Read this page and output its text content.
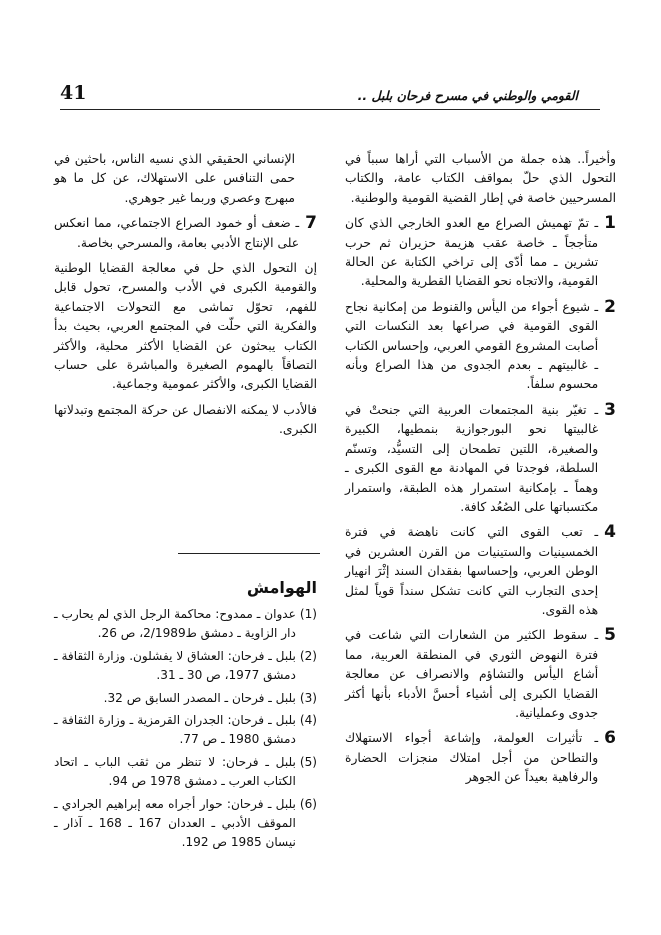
القومي والوطني في مسرح فرحان بلبل ..
41

وأخيراً.. هذه جملة من الأسباب التي أراها سبباً في التحول الذي حلّ بمواقف الكتاب عامة، والكتاب المسرحيين خاصة في إطار القضية القومية والوطنية.

1
ـ تمّ تهميش الصراع مع العدو الخارجي الذي كان متأججاً ـ خاصة عقب هزيمة حزيران ثم حرب تشرين ـ مما أدّى إلى تراخي الكتابة عن الحالة القومية، والاتجاه نحو القضايا القطرية والمحلية.
2
ـ شيوع أجواء من اليأس والقنوط من إمكانية نجاح القوى القومية في صراعها بعد النكسات التي أصابت المشروع القومي العربي، وإحساس الكتاب ـ غالبيتهم ـ بعدم الجدوى من هذا الصراع وبأنه محسوم سلفاً.
3
ـ تغيّر بنية المجتمعات العربية التي جنحتْ في غالبيتها نحو البورجوازية بنمطيها، الكبيرة والصغيرة، اللتين تطمحان إلى التسيُّد، وتسنّم السلطة، فوجدتا في المهادنة مع القوى الكبرى ـ وهماً ـ بإمكانية استمرار هذه الطبقة، واستمرار مكتسباتها على الصُعُد كافة.
4
ـ تعب القوى التي كانت ناهضة في فترة الخمسينيات والستينيات من القرن العشرين في الوطن العربي، وإحساسها بفقدان السند إثْرَ انهيار إحدى التجارب التي كانت تشكل سنداً قوياً لمثل هذه القوى.
5
ـ سقوط الكثير من الشعارات التي شاعت في فترة النهوض الثوري في المنطقة العربية، مما أشاع اليأس والتشاؤم والانصراف عن معالجة القضايا الكبرى إلى أشياء أحسَّ الأدباء بأنها أكثر جدوى وعمليانية.
6
ـ تأثيرات العولمة، وإشاعة أجواء الاستهلاك والتطاحن من أجل امتلاك منجزات الحضارة والرفاهية بعيداً عن الجوهر

الإنساني الحقيقي الذي نسيه الناس، باحثين في حمى التنافس على الاستهلاك، عن كل ما هو مبهرج وعصري وربما غير جوهري.

7
ـ ضعف أو خمود الصراع الاجتماعي، مما انعكس على الإنتاج الأدبي بعامة، والمسرحي بخاصة.

إن التحول الذي حل في معالجة القضايا الوطنية والقومية الكبرى في الأدب والمسرح، تحول قابل للفهم، تحوّل تماشى مع التحولات الاجتماعية والفكرية التي حلّت في المجتمع العربي، بحيث بدأ الكتاب يبحثون عن القضايا الأكثر محلية، والأكثر التصاقاً بالهموم الصغيرة والمباشرة على حساب القضايا الكبرى، والأكثر عمومية وجماعية.

فالأدب لا يمكنه الانفصال عن حركة المجتمع وتبدلاتها الكبرى.

الهوامش
(1)
عدوان ـ ممدوح: محاكمة الرجل الذي لم يحارب ـ دار الزاوية ـ دمشق ط2/1989، ص 26.
(2)
بلبل ـ فرحان: العشاق لا يفشلون. وزارة الثقافة ـ دمشق 1977، ص 30 ـ 31.
(3)
بلبل ـ فرحان ـ المصدر السابق ص 32.
(4)
بلبل ـ فرحان: الجدران القرمزية ـ وزارة الثقافة ـ دمشق 1980 ـ ص 77.
(5)
بلبل ـ فرحان: لا تنظر من ثقب الباب ـ اتحاد الكتاب العرب ـ دمشق 1978 ص 94.
(6)
بلبل ـ فرحان: حوار أجراه معه إبراهيم الجرادي ـ الموقف الأدبي ـ العددان 167 ـ 168 ـ آذار ـ نيسان 1985 ص 192.
